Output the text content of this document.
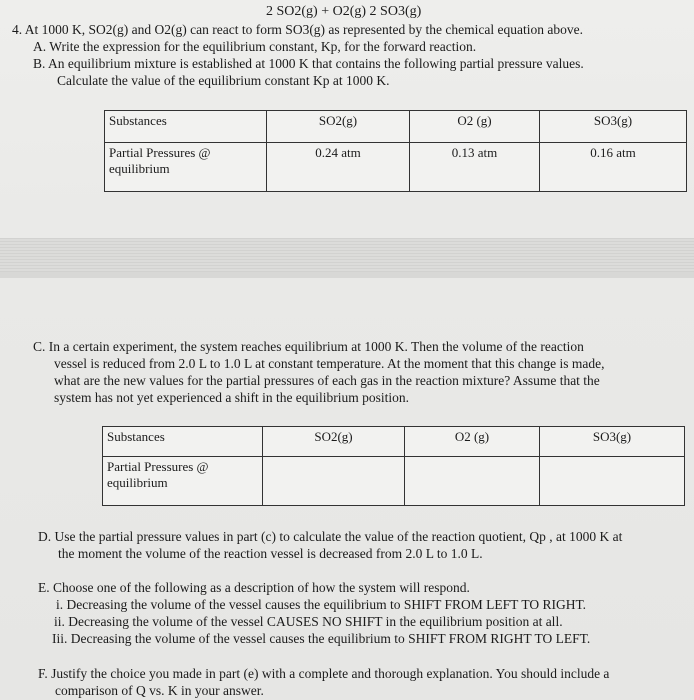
2 SO2(g) + O2(g) 2 SO3(g)
4. At 1000 K, SO2(g) and O2(g) can react to form SO3(g) as represented by the chemical equation above.
A. Write the expression for the equilibrium constant, Kp, for the forward reaction.
B. An equilibrium mixture is established at 1000 K that contains the following partial pressure values.
Calculate the value of the equilibrium constant Kp at 1000 K.
Substances	SO2(g)	O2 (g)	SO3(g)

Partial Pressures @
equilibrium	0.24 atm	0.13 atm	0.16 atm
C. In a certain experiment, the system reaches equilibrium at 1000 K. Then the volume of the reaction
vessel is reduced from 2.0 L to 1.0 L at constant temperature. At the moment that this change is made,
what are the new values for the partial pressures of each gas in the reaction mixture? Assume that the
system has not yet experienced a shift in the equilibrium position.
Substances	SO2(g)	O2 (g)	SO3(g)

Partial Pressures @
equilibrium			

D. Use the partial pressure values in part (c) to calculate the value of the reaction quotient, Qp , at 1000 K at
the moment the volume of the reaction vessel is decreased from 2.0 L to 1.0 L.
E. Choose one of the following as a description of how the system will respond.
i. Decreasing the volume of the vessel causes the equilibrium to SHIFT FROM LEFT TO RIGHT.
ii. Decreasing the volume of the vessel CAUSES NO SHIFT in the equilibrium position at all.
Iii. Decreasing the volume of the vessel causes the equilibrium to SHIFT FROM RIGHT TO LEFT.
F. Justify the choice you made in part (e) with a complete and thorough explanation. You should include a
comparison of Q vs. K in your answer.
